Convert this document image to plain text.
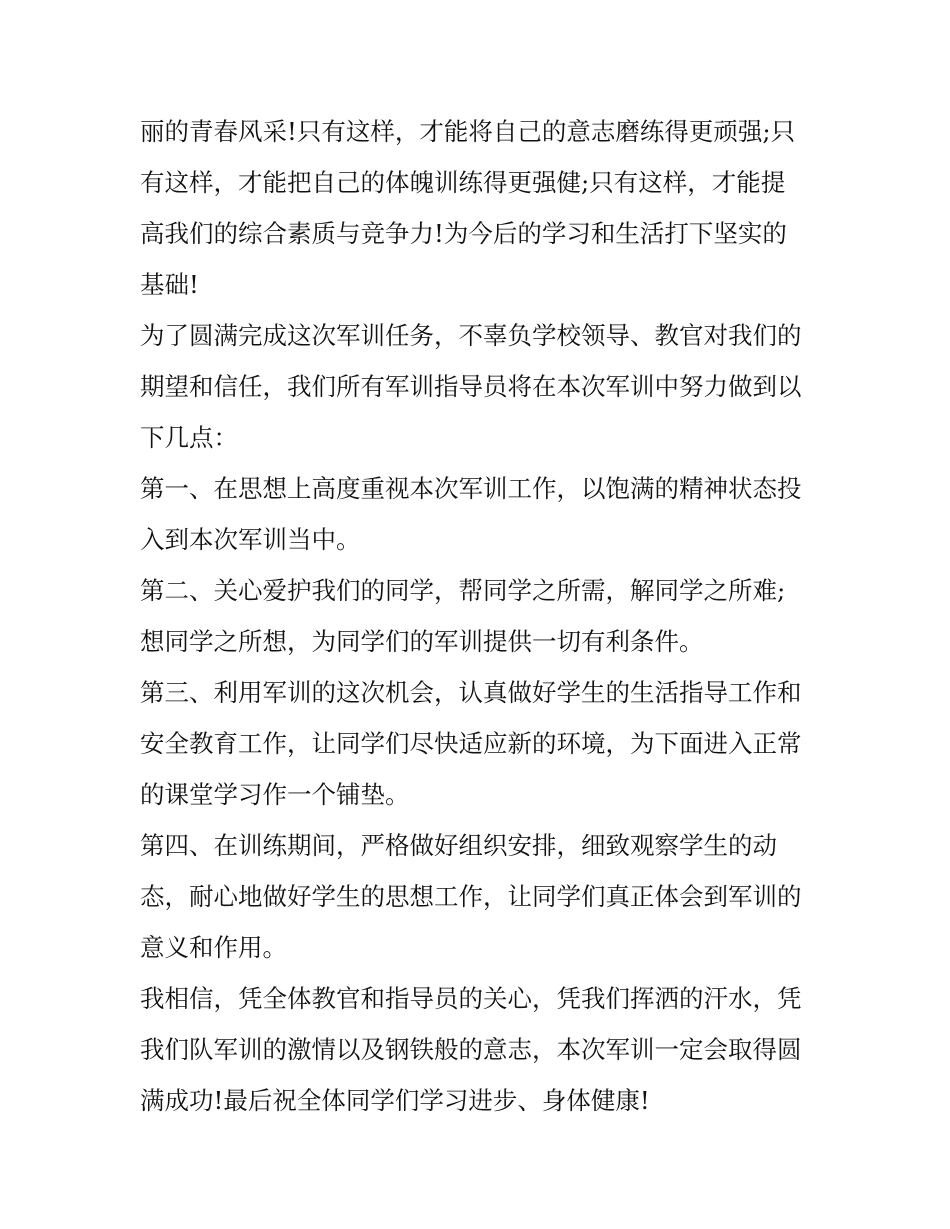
丽的青春风采!只有这样，才能将自己的意志磨练得更顽强;只
有这样，才能把自己的体魄训练得更强健;只有这样，才能提
高我们的综合素质与竞争力!为今后的学习和生活打下坚实的
基础!
为了圆满完成这次军训任务，不辜负学校领导、教官对我们的
期望和信任，我们所有军训指导员将在本次军训中努力做到以
下几点：
第一、在思想上高度重视本次军训工作，以饱满的精神状态投
入到本次军训当中。
第二、关心爱护我们的同学，帮同学之所需，解同学之所难;
想同学之所想，为同学们的军训提供一切有利条件。
第三、利用军训的这次机会，认真做好学生的生活指导工作和
安全教育工作，让同学们尽快适应新的环境，为下面进入正常
的课堂学习作一个铺垫。
第四、在训练期间，严格做好组织安排，细致观察学生的动
态，耐心地做好学生的思想工作，让同学们真正体会到军训的
意义和作用。
我相信，凭全体教官和指导员的关心，凭我们挥洒的汗水，凭
我们队军训的激情以及钢铁般的意志，本次军训一定会取得圆
满成功!最后祝全体同学们学习进步、身体健康!
